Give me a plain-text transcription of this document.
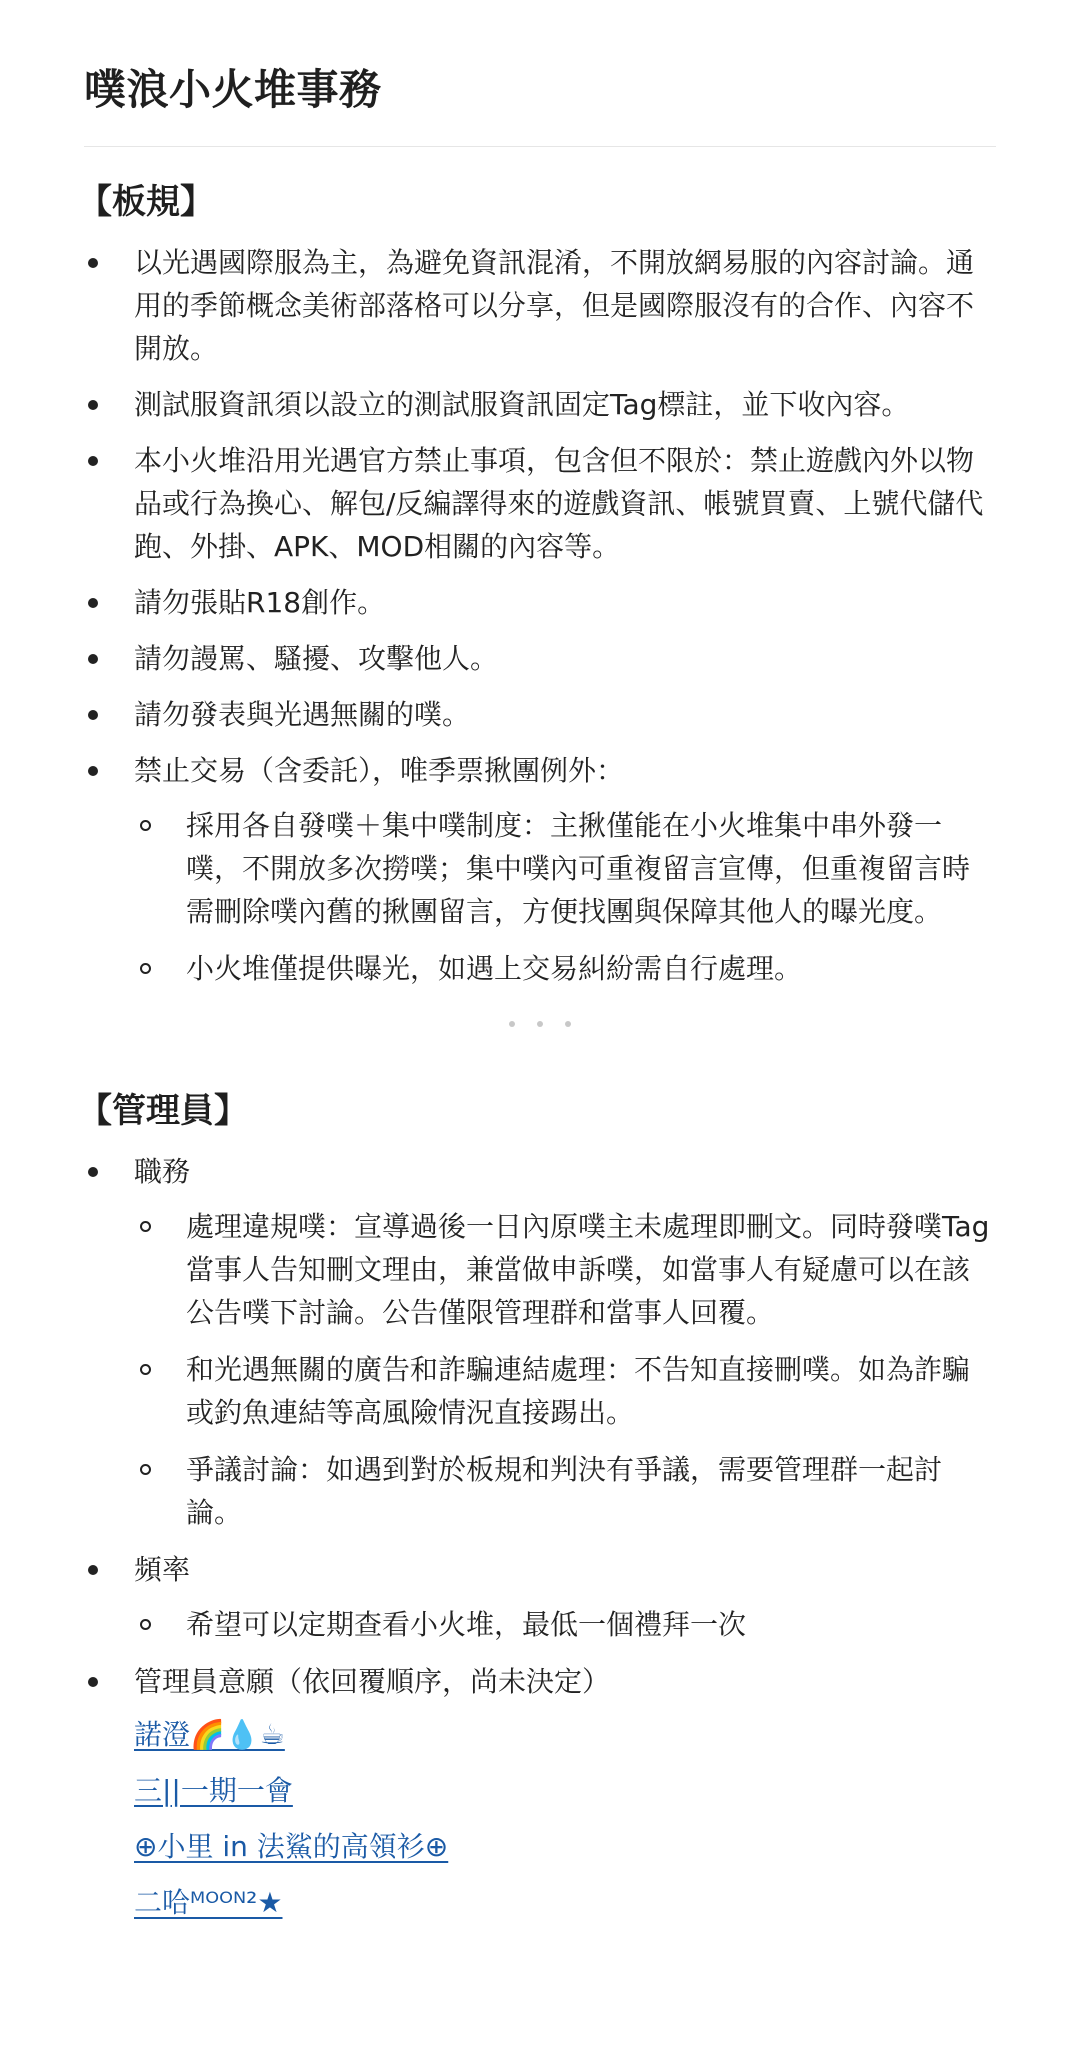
噗浪小火堆事務
【板規】
以光遇國際服為主，為避免資訊混淆，不開放網易服的內容討論。通用的季節概念美術部落格可以分享，但是國際服沒有的合作、內容不開放。
測試服資訊須以設立的測試服資訊固定Tag標註，並下收內容。
本小火堆沿用光遇官方禁止事項，包含但不限於：禁止遊戲內外以物品或行為換心、解包/反編譯得來的遊戲資訊、帳號買賣、上號代儲代跑、外掛、APK、MOD相關的內容等。
請勿張貼R18創作。
請勿謾罵、騷擾、攻擊他人。
請勿發表與光遇無關的噗。
禁止交易（含委託），唯季票揪團例外：
採用各自發噗＋集中噗制度：主揪僅能在小火堆集中串外發一噗，不開放多次撈噗；集中噗內可重複留言宣傳，但重複留言時需刪除噗內舊的揪團留言，方便找團與保障其他人的曝光度。
小火堆僅提供曝光，如遇上交易糾紛需自行處理。
【管理員】
職務
處理違規噗：宣導過後一日內原噗主未處理即刪文。同時發噗Tag當事人告知刪文理由，兼當做申訴噗，如當事人有疑慮可以在該公告噗下討論。公告僅限管理群和當事人回覆。
和光遇無關的廣告和詐騙連結處理：不告知直接刪噗。如為詐騙或釣魚連結等高風險情況直接踢出。
爭議討論：如遇到對於板規和判決有爭議，需要管理群一起討論。
頻率
希望可以定期查看小火堆，最低一個禮拜一次
管理員意願（依回覆順序，尚未決定）
諾澄🌈💧☕
三||一期一會
⊕小里 in 法鯊的高領衫⊕
二哈ᴹᴼᴼᴺ²★
